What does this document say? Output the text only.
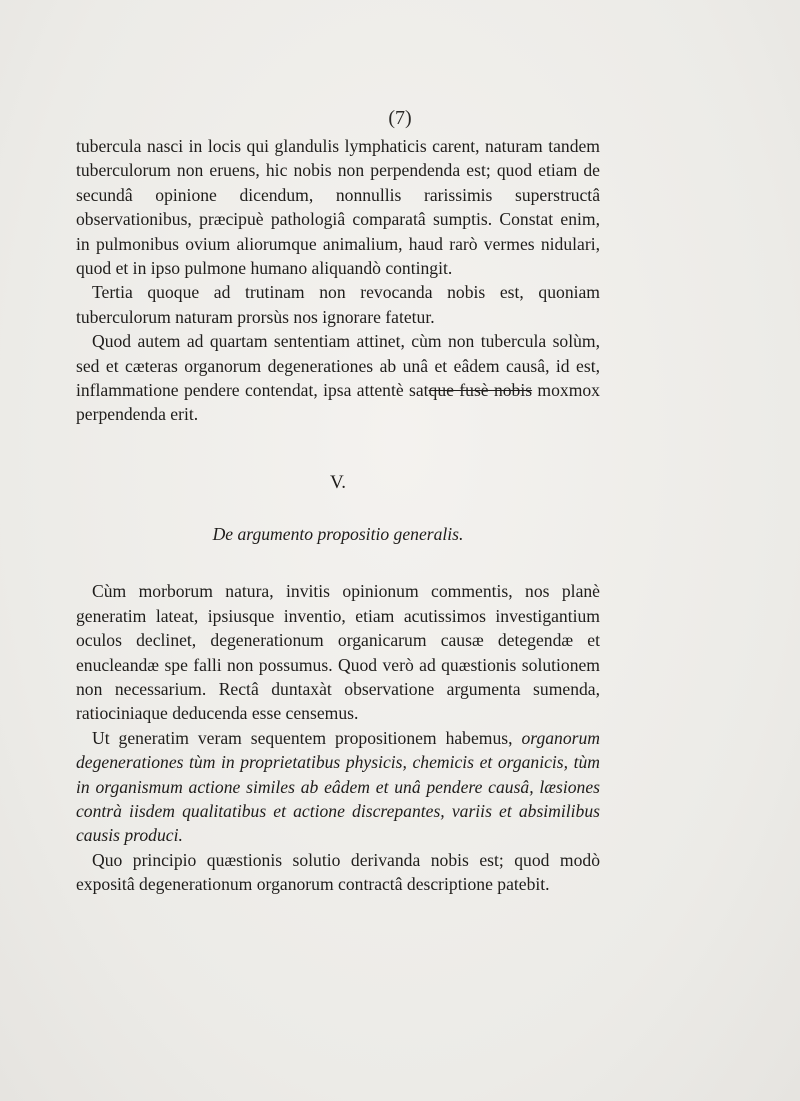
(7)

tubercula nasci in locis qui glandulis lymphaticis carent, naturam tandem tuberculorum non eruens, hic nobis non perpendenda est; quod etiam de secundâ opinione dicendum, nonnullis rarissimis superstructâ observationibus, præcipuè pathologiâ comparatâ sumptis. Constat enim, in pulmonibus ovium aliorumque animalium, haud rarò vermes nidulari, quod et in ipso pulmone humano aliquandò contingit.

Tertia quoque ad trutinam non revocanda nobis est, quoniam tuberculorum naturam prorsùs nos ignorare fatetur.

Quod autem ad quartam sententiam attinet, cùm non tubercula solùm, sed et cæteras organorum degenerationes ab unâ et eâdem causâ, id est, inflammatione pendere contendat, ipsa attentè satque fusè nobis moxmox perpendenda erit.

V.
De argumento propositio generalis.

Cùm morborum natura, invitis opinionum commentis, nos planè generatim lateat, ipsiusque inventio, etiam acutissimos investigantium oculos declinet, degenerationum organicarum causæ detegendæ et enucleandæ spe falli non possumus. Quod verò ad quæstionis solutionem non necessarium. Rectâ duntaxàt observatione argumenta sumenda, ratiociniaque deducenda esse censemus.

Ut generatim veram sequentem propositionem habemus, organorum degenerationes tùm in proprietatibus physicis, chemicis et organicis, tùm in organismum actione similes ab eâdem et unâ pendere causâ, læsiones contrà iisdem qualitatibus et actione discrepantes, variis et absimilibus causis produci.

Quo principio quæstionis solutio derivanda nobis est; quod modò expositâ degenerationum organorum contractâ descriptione patebit.
